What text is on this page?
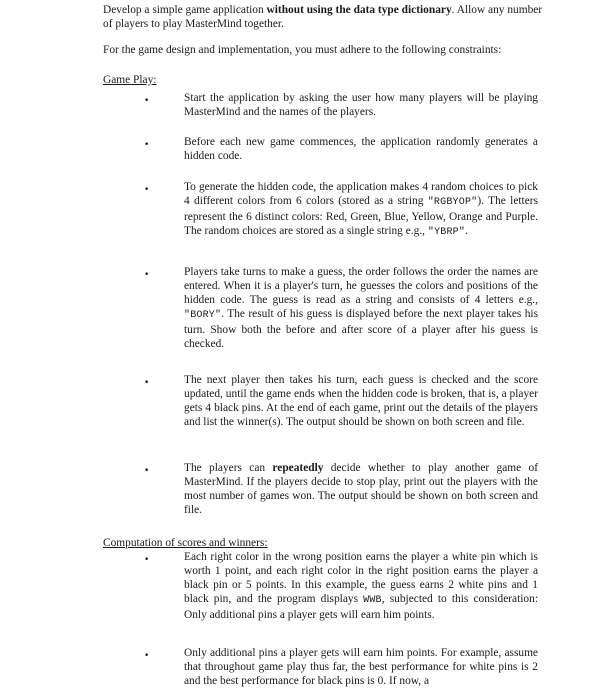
Develop a simple game application without using the data type dictionary. Allow any number of players to play MasterMind together.

For the game design and implementation, you must adhere to the following constraints:

Game Play:

•	Start the application by asking the user how many players will be playing MasterMind and the names of the players.

•	Before each new game commences, the application randomly generates a hidden code.

•	To generate the hidden code, the application makes 4 random choices to pick 4 different colors from 6 colors (stored as a string "RGBYOP"). The letters represent the 6 distinct colors: Red, Green, Blue, Yellow, Orange and Purple. The random choices are stored as a single string e.g., "YBRP".

•	Players take turns to make a guess, the order follows the order the names are entered. When it is a player's turn, he guesses the colors and positions of the hidden code. The guess is read as a string and consists of 4 letters e.g., "BORY". The result of his guess is displayed before the next player takes his turn. Show both the before and after score of a player after his guess is checked.

•	The next player then takes his turn, each guess is checked and the score updated, until the game ends when the hidden code is broken, that is, a player gets 4 black pins. At the end of each game, print out the details of the players and list the winner(s). The output should be shown on both screen and file.

•	The players can repeatedly decide whether to play another game of MasterMind. If the players decide to stop play, print out the players with the most number of games won. The output should be shown on both screen and file.

Computation of scores and winners:

•	Each right color in the wrong position earns the player a white pin which is worth 1 point, and each right color in the right position earns the player a black pin or 5 points. In this example, the guess earns 2 white pins and 1 black pin, and the program displays WWB, subjected to this consideration: Only additional pins a player gets will earn him points.

•	Only additional pins a player gets will earn him points. For example, assume that throughout game play thus far, the best performance for white pins is 2 and the best performance for black pins is 0. If now, a
